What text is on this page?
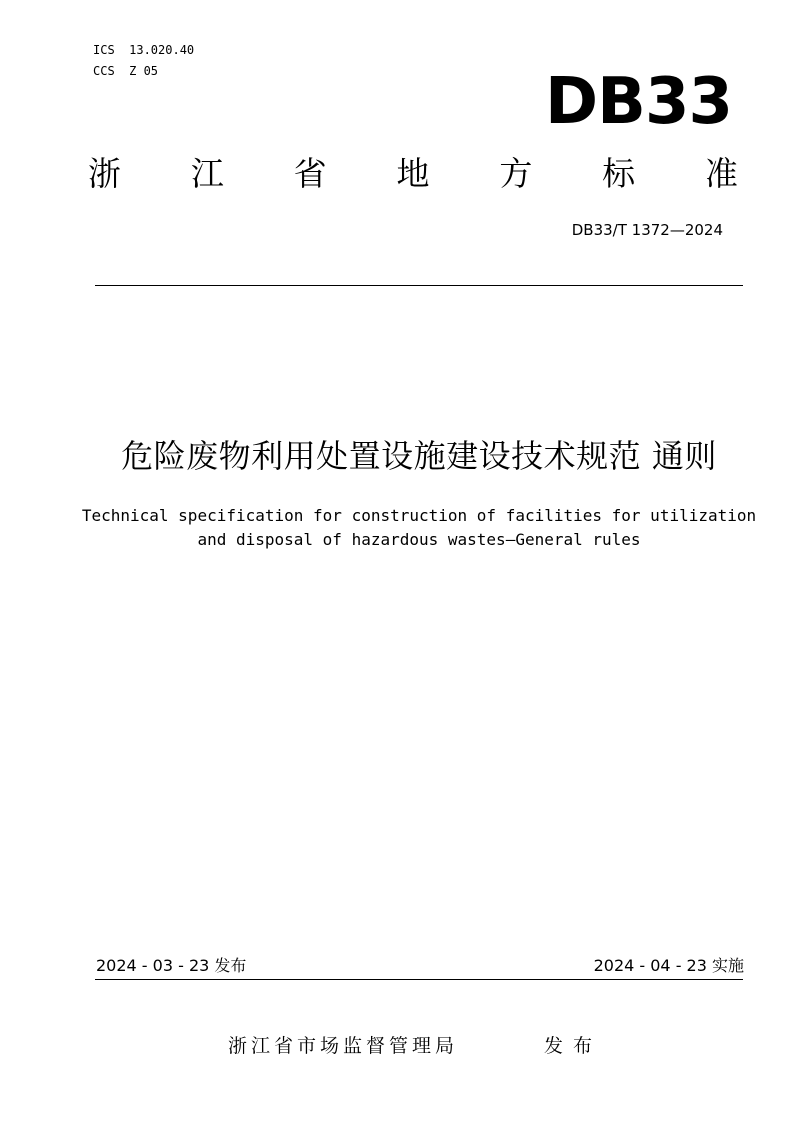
ICS  13.020.40
CCS  Z 05	DB33
浙 江 省 地 方 标 准
DB33/T 1372—2024
危险废物利用处置设施建设技术规范 通则
Technical specification for construction of facilities for utilization
and disposal of hazardous wastes—General rules
2024 - 03 - 23 发布	2024 - 04 - 23 实施
浙江省市场监督管理局	发布
